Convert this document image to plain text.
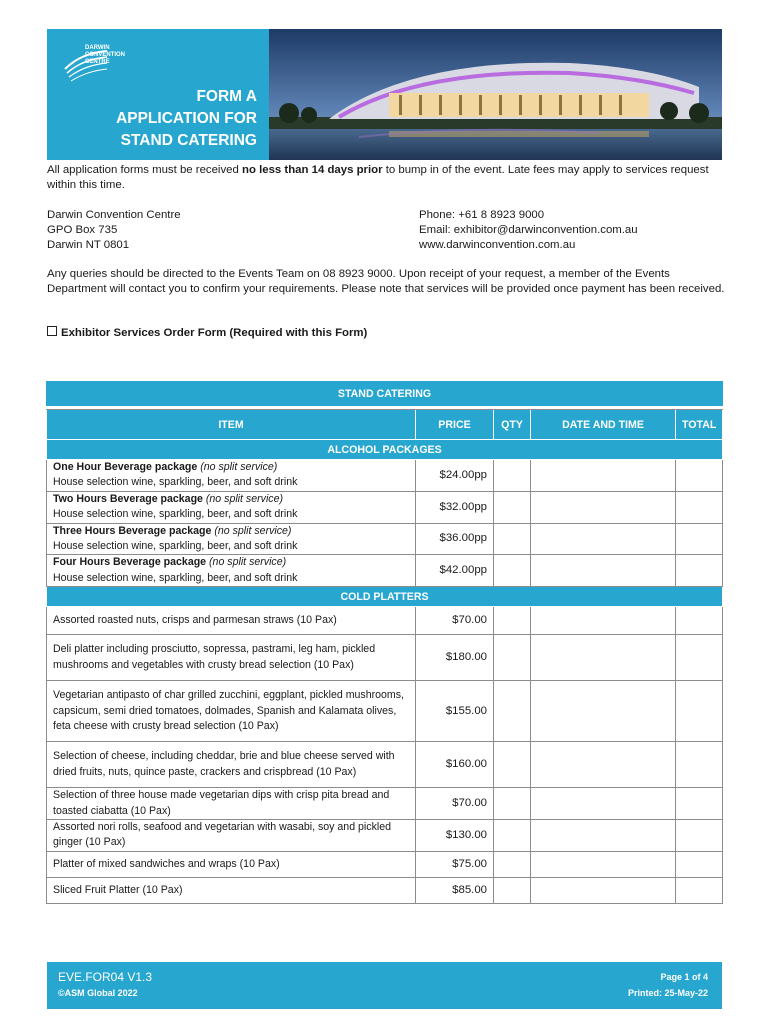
DARWIN
CONVENTION
CENTRE
FORM A
APPLICATION FOR
STAND CATERING
All application forms must be received no less than 14 days prior to bump in of the event. Late fees may apply to services request within this time.
Darwin Convention Centre
GPO Box 735
Darwin NT 0801
Phone: +61 8 8923 9000
Email: exhibitor@darwinconvention.com.au
www.darwinconvention.com.au
Any queries should be directed to the Events Team on 08 8923 9000. Upon receipt of your request, a member of the Events Department will contact you to confirm your requirements. Please note that services will be provided once payment has been received.
Exhibitor Services Order Form (Required with this Form)
STAND CATERING				

ITEM	PRICE	QTY	DATE AND TIME	TOTAL
ALCOHOL PACKAGES				
One Hour Beverage package (no split service)
House selection wine, sparkling, beer, and soft drink	$24.00pp			
Two Hours Beverage package (no split service)
House selection wine, sparkling, beer, and soft drink	$32.00pp			
Three Hours Beverage package (no split service)
House selection wine, sparkling, beer, and soft drink	$36.00pp			
Four Hours Beverage package (no split service)
House selection wine, sparkling, beer, and soft drink	$42.00pp			
COLD PLATTERS				
Assorted roasted nuts, crisps and parmesan straws (10 Pax)	$70.00			
Deli platter including prosciutto, sopressa, pastrami, leg ham, pickled mushrooms and vegetables with crusty bread selection (10 Pax)	$180.00			
Vegetarian antipasto of char grilled zucchini, eggplant, pickled mushrooms, capsicum, semi dried tomatoes, dolmades, Spanish and Kalamata olives, feta cheese with crusty bread selection (10 Pax)	$155.00			
Selection of cheese, including cheddar, brie and blue cheese served with dried fruits, nuts, quince paste, crackers and crispbread (10 Pax)	$160.00			
Selection of three house made vegetarian dips with crisp pita bread and toasted ciabatta (10 Pax)	$70.00			
Assorted nori rolls, seafood and vegetarian with wasabi, soy and pickled ginger (10 Pax)	$130.00			
Platter of mixed sandwiches and wraps (10 Pax)	$75.00			
Sliced Fruit Platter (10 Pax)	$85.00			
EVE.FOR04 V1.3
©ASM Global 2022
Page 1 of 4
Printed: 25-May-22
